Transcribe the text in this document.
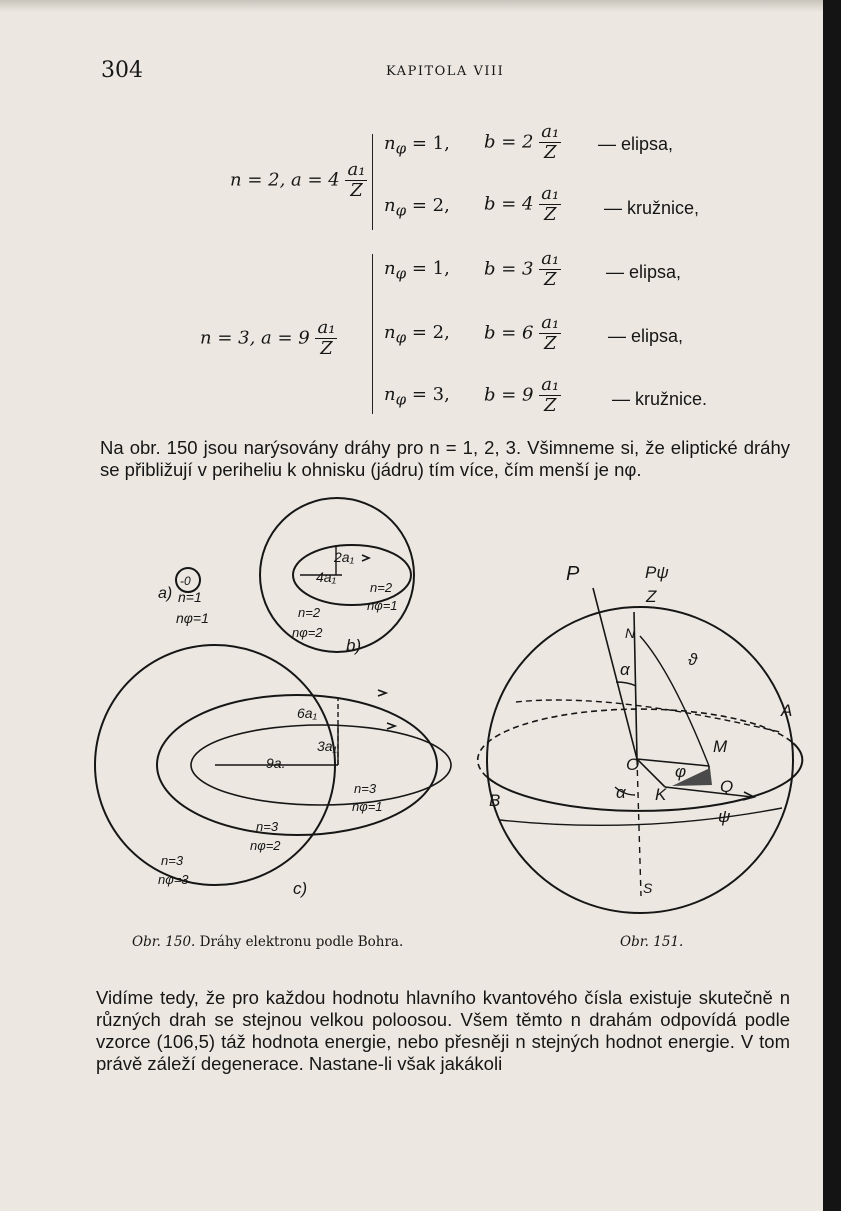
304	KAPITOLA VIII
n = 2, $a = 4 \frac{\text{a₁}}{Z}$
$n_\varphi = 1$, $b = 2 \frac{\text{a₁}}{Z}$ — elipsa,
$n_\varphi = 2$, $b = 4 \frac{\text{a₁}}{Z}$ — kružnice,
n = 3, $a = 9 \frac{\text{a₁}}{Z}$
$n_\varphi = 1$, $b = 3 \frac{\text{a₁}}{Z}$ — elipsa,
$n_\varphi = 2$, $b = 6 \frac{\text{a₁}}{Z}$	— elipsa,
$n_\varphi = 3$, $b = 9 \frac{\text{a₁}}{Z}$	— kružnice.
Na obr. 150 jsou narýsovány dráhy pro n = 1, 2, 3. Všimneme si, že eliptické dráhy se přibližují v periheliu k ohnisku (jádru) tím více, čím menší je nφ.
-0
a) n=1
nφ=1
2a₁
4a₁
n=2
nφ=1
n=2
nφ=2
b)
6a₁
3a₁
9a.
n=3
nφ=1
n=3
nφ=2
n=3
nφ=3	c)
P	Pψ
Z
N
α
ϑ
A
M
O φ
B	α K	Q
ψ
S
Obr. 150. Dráhy elektronu podle Bohra.	Obr. 151.
Vidíme tedy, že pro každou hodnotu hlavního kvantového čísla existuje skutečně n různých drah se stejnou velkou poloosou. Všem těmto n drahám odpovídá podle vzorce (106,5) táž hodnota energie, nebo přesněji n stejných hodnot energie. V tom právě záleží degenerace. Nastane-li však jakákoli
